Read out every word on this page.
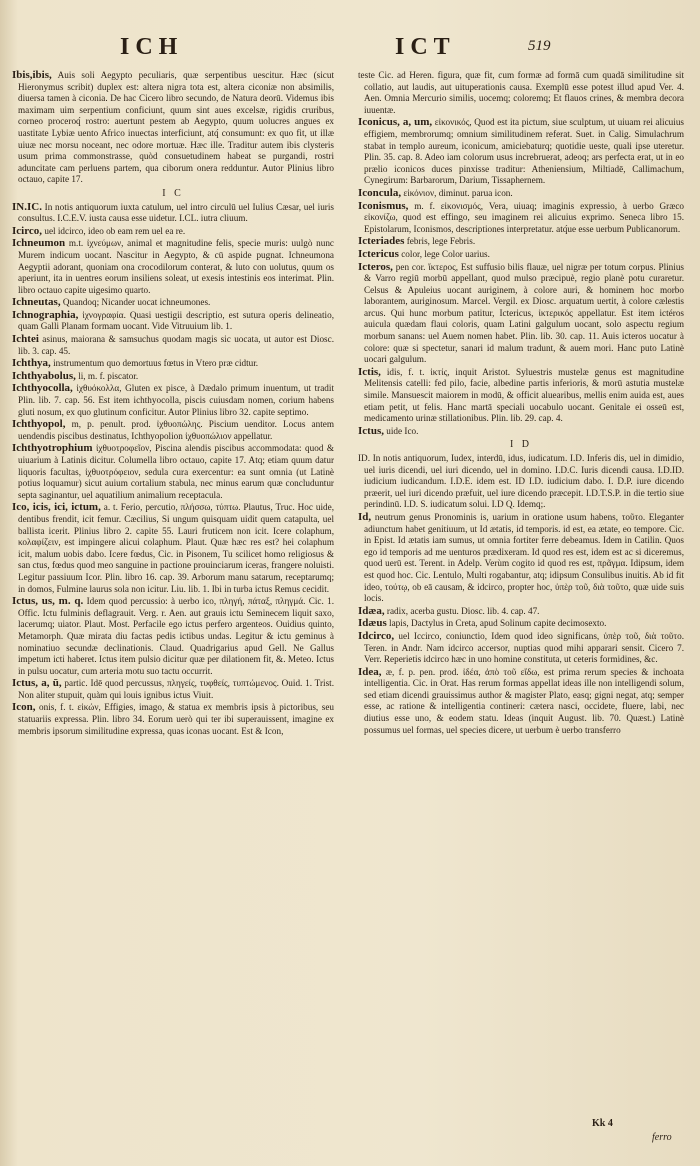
ICH	ICT	519
Ibis,ibis, Auis soli Aegypto peculiaris, quæ serpentibus uescitur. Hæc (sicut Hieronymus scribit) duplex est: altera nigra tota est, altera ciconiæ non absimilis, diuersa tamen à ciconia. De hac Cicero libro secundo, de Natura deorū. Videmus ibis maximam uim serpentium conficiunt, quum sint aues excelsæ, rigidis cruribus, corneo proceroq́ rostro: auertunt pestem ab Aegypto, quum uolucres angues ex uastitate Lybiæ uento Africo inuectas interficiunt, atq́ consumunt: ex quo fit, ut illæ uiuæ nec morsu noceant, nec odore mortuæ. Hæc ille. Traditur autem ibis clysteris usum prima commonstrasse, quòd consuetudinem habeat se purgandi, rostri aduncitate cam perluens partem, qua ciborum onera redduntur. Autor Plinius libro octauo, capite 17.
I C
IN.IC. In notis antiquorum iuxta catulum, uel intro circulū uel Iulius Cæsar, uel iuris consultus. I.C.E.V. iusta causa esse uidetur. I.CL. iutra cliuum.
Icirco, uel idcirco, ideo ob eam rem uel ea re.
Ichneumon m.t. ἰχνεύμων, animal et magnitudine felis, specie muris: uulgò nunc Murem indicum uocant. Nascitur in Aegypto, & cū aspide pugnat. Ichneumona Aegyptii adorant, quoniam ona crocodilorum conterat, & luto con uolutus, quum os aperiunt, ita in uentres eorum insiliens soleat, ut exesis intestinis eos interimat. Plin. libro octauo capite uigesimo quarto.
Ichneutas, Quandoq; Nicander uocat ichneumones.
Ichnographia, ἰχνογραφία. Quasi uestigii descriptio, est sutura operis delineatio, quam Galli Planam formam uocant. Vide Vitruuium lib. 1.
Ichtei asinus, maiorana & samsuchus quodam magis sic uocata, ut autor est Diosc. lib. 3. cap. 45.
Ichthya, instrumentum quo demortuus fœtus in Vtero præ cidtur.
Ichthyabolus, li, m. f. piscator.
Ichthyocolla, ἰχθυόκολλα, Gluten ex pisce, à Dædalo primum inuentum, ut tradit Plin. lib. 7. cap. 56. Est item ichthyocolla, piscis cuiusdam nomen, corium habens gluti nosum, ex quo glutinum conficitur. Autor Plinius libro 32. capite septimo.
Ichthyopol, m, p. penult. prod. ἰχθυοπώλης. Piscium uenditor. Locus antem uendendis piscibus destinatus, Ichthyopolion ἰχθυοπώλιον appellatur.
Ichthyotrophium ἰχθυοτροφεῖον, Piscina alendis piscibus accommodata: quod & uiuarium à Latinis dicitur. Columella libro octauo, capite 17. Atq; etiam quum datur liquoris facultas, ἰχθυοτρόφειον, sedula cura exercentur: ea sunt omnia (ut Latinè potius loquamur) sicut auium cortalium stabula, nec minus earum quæ concluduntur septa saginantur, uel aquatilium animalium receptacula.
Ico, icis, ici, ictum, a. t. Ferio, percutio, πλήσσω, τύπτω. Plautus, Truc. Hoc uide, dentibus frendit, icit femur. Cæcilius, Si ungum quisquam uidit quem catapulta, uel ballista icerit. Plinius libro 2. capite 55. Lauri fruticem non icit. Icere colaphum, κολαφίζειν, est impingere alicui colaphum. Plaut. Quæ hæc res est? hei colaphum icit, malum uobis dabo. Icere fœdus, Cic. in Pisonem, Tu scilicet homo religiosus & san ctus, fœdus quod meo sanguine in pactione prouinciarum iceras, frangere noluisti. Legitur passiuum Icor. Plin. libro 16. cap. 39. Arborum manu satarum, receptarumq; in domos, Fulmine laurus sola non icitur. Liu. lib. 1. Ibi in turba ictus Remus cecidit.
Ictus, us, m. q. Idem quod percussio: à uerbo ico, πληγή, πάταξ, πληγμά. Cic. 1. Offic. Ictu fulminis deflagrauit. Verg. r. Aen. aut grauis ictu Seminecem liquit saxo, lacerumq; uiator. Plaut. Most. Perfacile ego ictus perfero argenteos. Ouidius quinto, Metamorph. Quæ mirata diu factas pedis ictibus undas. Legitur & ictu geminus à nominatiuo secundæ declinationis. Claud. Quadrigarius apud Gell. Ne Gallus impetum icti haberet. Ictus item pulsio dicitur quæ per dilationem fit, &. Meteo. Ictus in pulsu uocatur, cum arteria motu suo tactu occurrit.
Ictus, a, ū, partic. Idē quod percussus, πληγείς, τυφθείς, τυπτώμενος. Ouid. 1. Trist. Non aliter stupuit, quàm qui louis ignibus ictus Viuit.
Icon, onis, f. t. εἰκών, Effigies, imago, & statua ex membris ipsis à pictoribus, seu statuariis expressa. Plin. libro 34. Eorum uerò qui ter ibi superauissent, imagine ex membris ipsorum similitudine expressa, quas iconas uocant. Est & Icon,
teste Cic. ad Heren. figura, quæ fit, cum formæ ad formā cum quadā similitudine sit collatio, aut laudis, aut uituperationis causa. Exemplū esse potest illud apud Ver. 4. Aen. Omnia Mercurio similis, uocemq; coloremq; Et flauos crines, & membra decora iuuentæ.
Iconicus, a, um, εἰκονικός, Quod est ita pictum, siue sculptum, ut uiuam rei alicuius effigiem, membrorumq; omnium similitudinem referat. Suet. in Calig. Simulachrum stabat in templo aureum, iconicum, amiciebaturq; quotidie ueste, quali ipse uteretur. Plin. 35. cap. 8. Adeo iam colorum usus increbruerat, adeoq; ars perfecta erat, ut in eo prælio iconicos duces pinxisse traditur: Atheniensium, Miltiadē, Callimachum, Cynegirum: Barbarorum, Darium, Tissaphernem.
Iconcula, εἰκόνιον, diminut. parua icon.
Iconismus, m. f. εἰκονισμός, Vera, uiuaq; imaginis expressio, à uerbo Græco εἰκονίζω, quod est effingo, seu imaginem rei alicuius exprimo. Seneca libro 15. Epistolarum, Iconismos, descriptiones interpretatur. atq́ue esse uerbum Publicanorum.
Icteriades febris, lege Febris.
Ictericus color, lege Color uarius.
Icteros, pen cor. ἴκτερος, Est suffusio bilis flauæ, uel nigræ per totum corpus. Plinius & Varro regiū morbū appellant, quod mulso præcipuè, regio planè potu curaretur. Celsus & Apuleius uocant auriginem, à colore auri, & hominem hoc morbo laborantem, auriginosum. Marcel. Vergil. ex Diosc. arquatum uertit, à colore cælestis arcus. Qui hunc morbum patitur, Ictericus, ἰκτερικός appellatur. Est item ictéros auicula quædam flaui coloris, quam Latini galgulum uocant, solo aspectu regium morbum sanans: uel Auem nomen habet. Plin. lib. 30. cap. 11. Auis icteros uocatur à colore: quæ si spectetur, sanari id malum tradunt, & auem mori. Hanc puto Latinè uocari galgulum.
Ictis, idis, f. t. ἰκτίς, inquit Aristot. Syluestris mustelæ genus est magnitudine Melitensis catelli: fed pilo, facie, albedine partis inferioris, & morū astutia mustelæ simile. Mansuescit maiorem in modū, & officit aluearibus, mellis enim auida est, aues etiam petit, ut felis. Hanc martā speciali uocabulo uocant. Genitale ei osseū est, medicamento urinæ stillationibus. Plin. lib. 29. cap. 4.
Ictus, uide Ico.
I D
ID. In notis antiquorum, Iudex, interdū, idus, iudicatum. I.D. Inferis dis, uel in dimidio, uel iuris dicendi, uel iuri dicendo, uel in domino. I.D.C. Iuris dicendi causa. I.D.ID. iudicium iudicandum. I.D.E. idem est. ID I.D. iudicium dabo. I. D.P. iure dicendo præerit, uel iuri dicendo præfuit, uel iure dicendo præcepit. I.D.T.S.P. in die tertio siue perindinū. I.D. S. iudicatum solui. I.D Q. Idemq;.
Id, neutrum genus Pronominis is, uarium in oratione usum habens, τοῦτο. Eleganter adiunctum habet genitiuum, ut Id ætatis, id temporis. id est, ea ætate, eo tempore. Cic. in Epist. Id ætatis iam sumus, ut omnia fortiter ferre debeamus. Idem in Catilin. Quos ego id temporis ad me uenturos prædixeram. Id quod res est, idem est ac si diceremus, quod uerū est. Terent. in Adelp. Verùm cogito id quod res est, πρᾶγμα. Idipsum, idem est quod hoc. Cic. Lentulo, Multi rogabantur, atq; idipsum Consulibus inuitis. Ab id fit ideo, τούτῳ, ob eā causam, & idcirco, propter hoc, ὑπὲρ τοῦ, διὰ τοῦτο, quæ uide suis locis.
Idæa, radix, acerba gustu. Diosc. lib. 4. cap. 47.
Idæus lapis, Dactylus in Creta, apud Solinum capite decimosexto.
Idcirco, uel Iccirco, coniunctio, Idem quod ideo significans, ὑπὲρ τοῦ, διὰ τοῦτο. Teren. in Andr. Nam idcirco accersor, nuptias quod mihi apparari sensit. Cicero 7. Verr. Reperietis idcirco hæc in uno homine constituta, ut ceteris formidines, &c.
Idea, æ, f. p. pen. prod. ἰδέα, ἀπὸ τοῦ εἴδω, est prima rerum species & inchoata intelligentia. Cic. in Orat. Has rerum formas appellat ideas ille non intelligendi solum, sed etiam dicendi grauissimus author & magister Plato, easq; gigni negat, atq; semper esse, ac ratione & intelligentia contineri: cætera nasci, occidete, fluere, labi, nec diutius esse uno, & eodem statu. Ideas (inquit August. lib. 70. Quæst.) Latinè possumus uel formas, uel species dicere, ut uerbum è uerbo transferro
Kk 4
ferro
